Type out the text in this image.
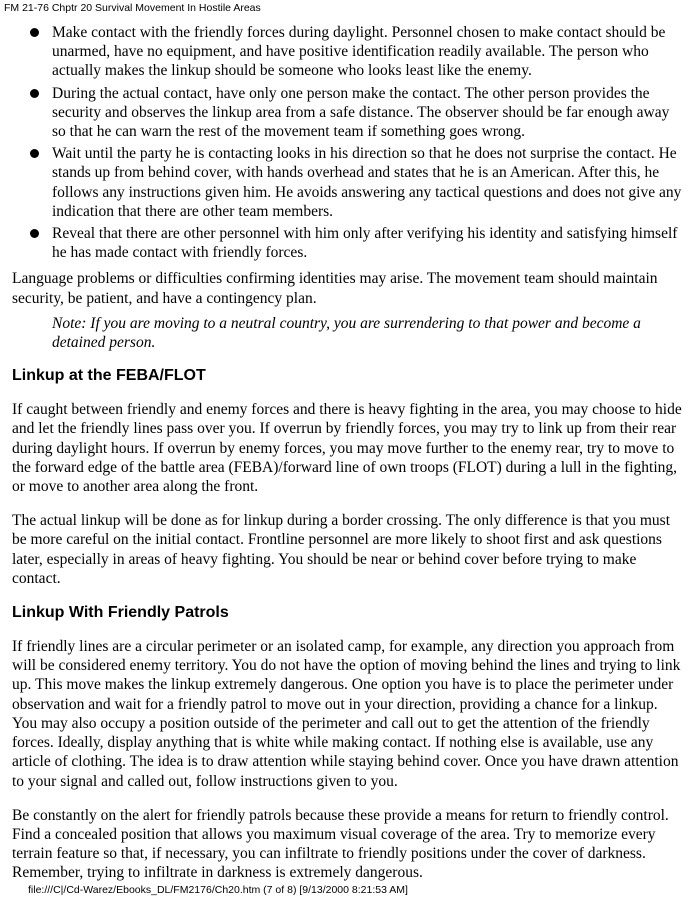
FM 21-76 Chptr 20 Survival Movement In Hostile Areas
Make contact with the friendly forces during daylight. Personnel chosen to make contact should be unarmed, have no equipment, and have positive identification readily available. The person who actually makes the linkup should be someone who looks least like the enemy.
During the actual contact, have only one person make the contact. The other person provides the security and observes the linkup area from a safe distance. The observer should be far enough away so that he can warn the rest of the movement team if something goes wrong.
Wait until the party he is contacting looks in his direction so that he does not surprise the contact. He stands up from behind cover, with hands overhead and states that he is an American. After this, he follows any instructions given him. He avoids answering any tactical questions and does not give any indication that there are other team members.
Reveal that there are other personnel with him only after verifying his identity and satisfying himself he has made contact with friendly forces.

Language problems or difficulties confirming identities may arise. The movement team should maintain security, be patient, and have a contingency plan.

Note: If you are moving to a neutral country, you are surrendering to that power and become a detained person.

Linkup at the FEBA/FLOT

If caught between friendly and enemy forces and there is heavy fighting in the area, you may choose to hide and let the friendly lines pass over you. If overrun by friendly forces, you may try to link up from their rear during daylight hours. If overrun by enemy forces, you may move further to the enemy rear, try to move to the forward edge of the battle area (FEBA)/forward line of own troops (FLOT) during a lull in the fighting, or move to another area along the front.

The actual linkup will be done as for linkup during a border crossing. The only difference is that you must be more careful on the initial contact. Frontline personnel are more likely to shoot first and ask questions later, especially in areas of heavy fighting. You should be near or behind cover before trying to make contact.

Linkup With Friendly Patrols

If friendly lines are a circular perimeter or an isolated camp, for example, any direction you approach from will be considered enemy territory. You do not have the option of moving behind the lines and trying to link up. This move makes the linkup extremely dangerous. One option you have is to place the perimeter under observation and wait for a friendly patrol to move out in your direction, providing a chance for a linkup. You may also occupy a position outside of the perimeter and call out to get the attention of the friendly forces. Ideally, display anything that is white while making contact. If nothing else is available, use any article of clothing. The idea is to draw attention while staying behind cover. Once you have drawn attention to your signal and called out, follow instructions given to you.

Be constantly on the alert for friendly patrols because these provide a means for return to friendly control. Find a concealed position that allows you maximum visual coverage of the area. Try to memorize every terrain feature so that, if necessary, you can infiltrate to friendly positions under the cover of darkness. Remember, trying to infiltrate in darkness is extremely dangerous.

file:///C|/Cd-Warez/Ebooks_DL/FM2176/Ch20.htm (7 of 8) [9/13/2000 8:21:53 AM]
